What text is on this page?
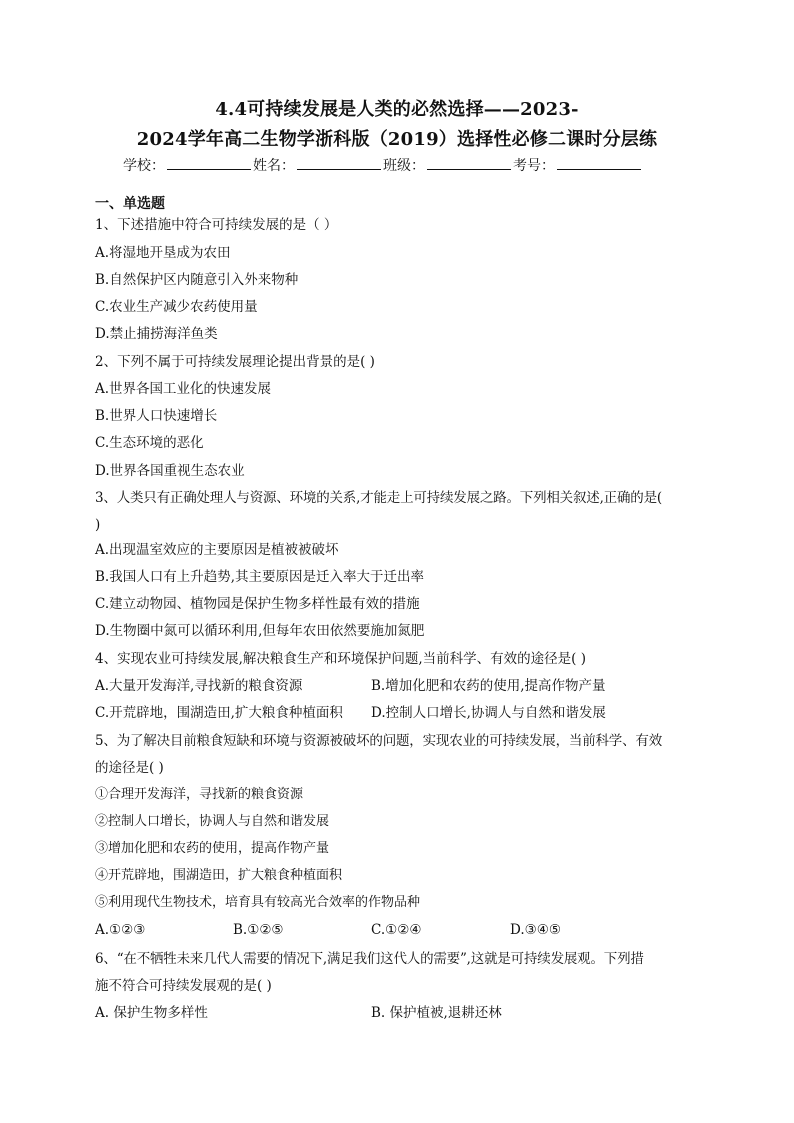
4.4可持续发展是人类的必然选择——2023-
2024学年高二生物学浙科版（2019）选择性必修二课时分层练
学校：	姓名：	班级：	考号：
一、单选题
1、下述措施中符合可持续发展的是（ ）
A.将湿地开垦成为农田
B.自然保护区内随意引入外来物种
C.农业生产减少农药使用量
D.禁止捕捞海洋鱼类
2、下列不属于可持续发展理论提出背景的是( )
A.世界各国工业化的快速发展
B.世界人口快速增长
C.生态环境的恶化
D.世界各国重视生态农业
3、人类只有正确处理人与资源、环境的关系,才能走上可持续发展之路。下列相关叙述,正确的是(
)
A.出现温室效应的主要原因是植被被破坏
B.我国人口有上升趋势,其主要原因是迁入率大于迁出率
C.建立动物园、植物园是保护生物多样性最有效的措施
D.生物圈中氮可以循环利用,但每年农田依然要施加氮肥
4、实现农业可持续发展,解决粮食生产和环境保护问题,当前科学、有效的途径是( )
A.大量开发海洋,寻找新的粮食资源	B.增加化肥和农药的使用,提高作物产量
C.开荒辟地，围湖造田,扩大粮食种植面积 D.控制人口增长,协调人与自然和谐发展
5、为了解决目前粮食短缺和环境与资源被破坏的问题，实现农业的可持续发展，当前科学、有效
的途径是( )
①合理开发海洋，寻找新的粮食资源
②控制人口增长，协调人与自然和谐发展
③增加化肥和农药的使用，提高作物产量
④开荒辟地，围湖造田，扩大粮食种植面积
⑤利用现代生物技术，培育具有较高光合效率的作物品种
A.①②③	B.①②⑤	C.①②④	D.③④⑤
6、“在不牺牲未来几代人需要的情况下,满足我们这代人的需要”,这就是可持续发展观。下列措
施不符合可持续发展观的是( )
A. 保护生物多样性	B. 保护植被,退耕还林
